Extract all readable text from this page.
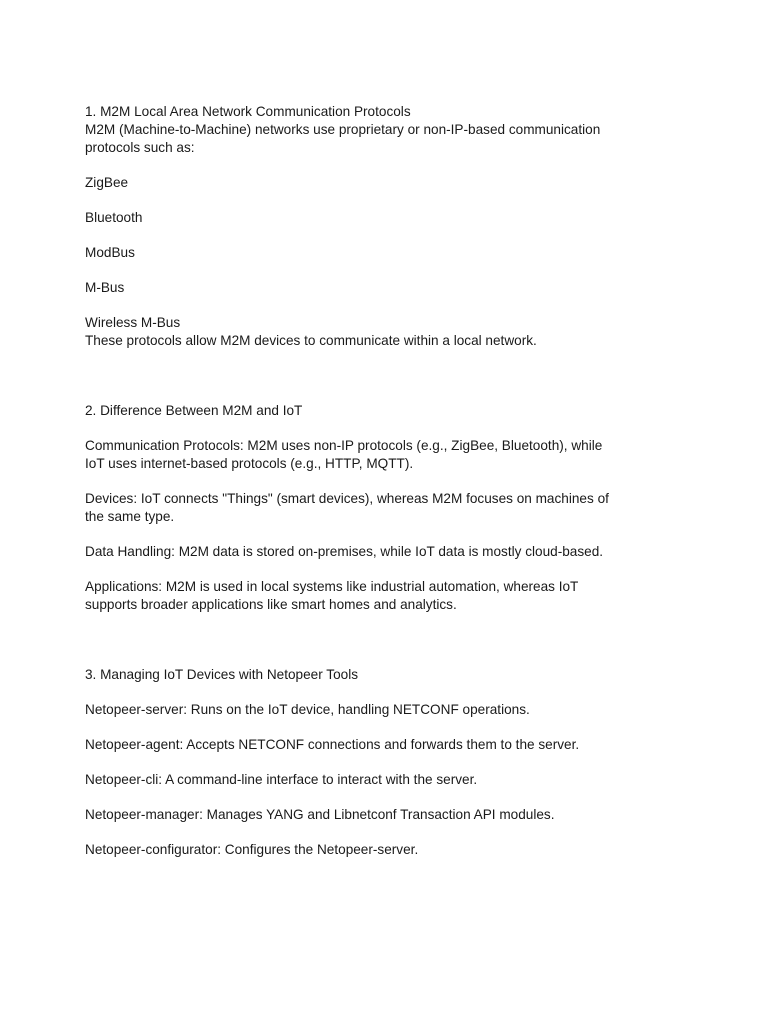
1. M2M Local Area Network Communication Protocols

M2M (Machine-to-Machine) networks use proprietary or non-IP-based communication protocols such as:

ZigBee

Bluetooth

ModBus

M-Bus

Wireless M-Bus

These protocols allow M2M devices to communicate within a local network.

2. Difference Between M2M and IoT

Communication Protocols: M2M uses non-IP protocols (e.g., ZigBee, Bluetooth), while IoT uses internet-based protocols (e.g., HTTP, MQTT).

Devices: IoT connects "Things" (smart devices), whereas M2M focuses on machines of the same type.

Data Handling: M2M data is stored on-premises, while IoT data is mostly cloud-based.

Applications: M2M is used in local systems like industrial automation, whereas IoT supports broader applications like smart homes and analytics.

3. Managing IoT Devices with Netopeer Tools

Netopeer-server: Runs on the IoT device, handling NETCONF operations.

Netopeer-agent: Accepts NETCONF connections and forwards them to the server.

Netopeer-cli: A command-line interface to interact with the server.

Netopeer-manager: Manages YANG and Libnetconf Transaction API modules.

Netopeer-configurator: Configures the Netopeer-server.
